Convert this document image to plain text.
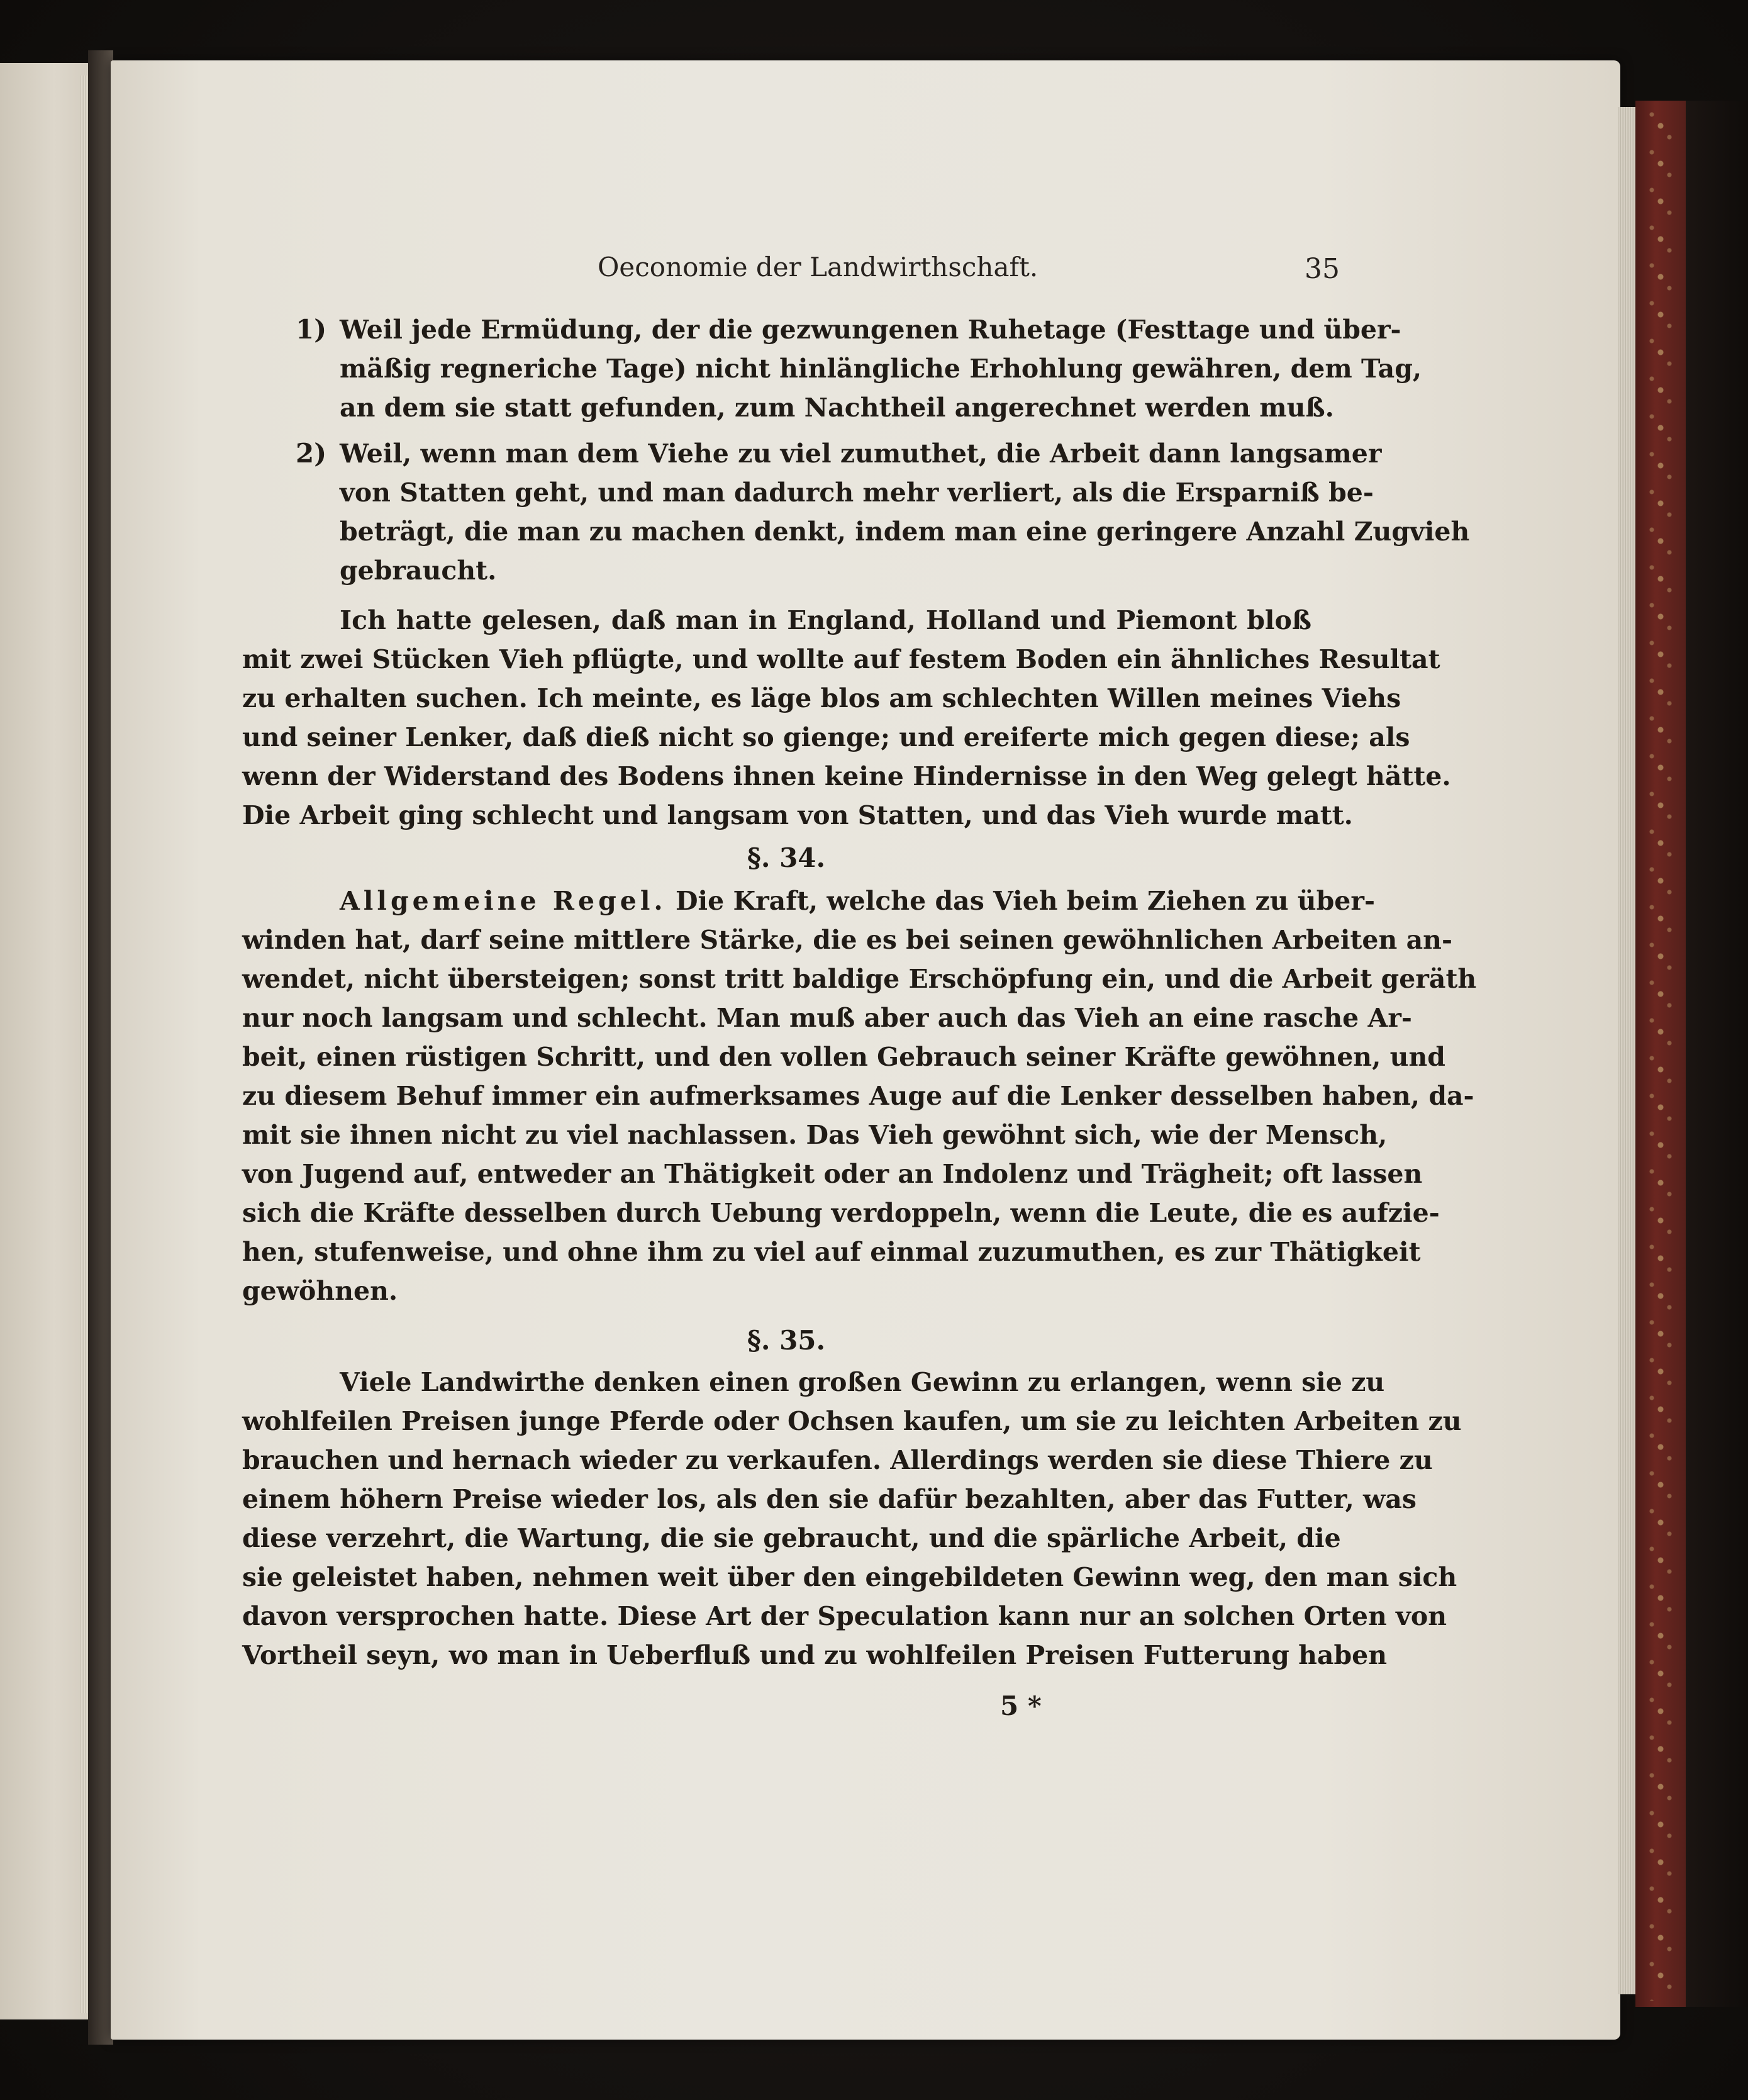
Oeconomie der Landwirthschaft.	35
1) Weil jede Ermüdung, der die gezwungenen Ruhetage (Festtage und über-
mäßig regneriche Tage) nicht hinlängliche Erhohlung gewähren, dem Tag,
an dem sie statt gefunden, zum Nachtheil angerechnet werden muß.
2) Weil, wenn man dem Viehe zu viel zumuthet, die Arbeit dann langsamer
von Statten geht, und man dadurch mehr verliert, als die Ersparniß be-
beträgt, die man zu machen denkt, indem man eine geringere Anzahl Zugvieh
gebraucht.
Ich hatte gelesen, daß man in England, Holland und Piemont bloß
mit zwei Stücken Vieh pflügte, und wollte auf festem Boden ein ähnliches Resultat
zu erhalten suchen. Ich meinte, es läge blos am schlechten Willen meines Viehs
und seiner Lenker, daß dieß nicht so gienge; und ereiferte mich gegen diese; als
wenn der Widerstand des Bodens ihnen keine Hindernisse in den Weg gelegt hätte.
Die Arbeit ging schlecht und langsam von Statten, und das Vieh wurde matt.
§. 34.
Allgemeine Regel. Die Kraft, welche das Vieh beim Ziehen zu über-
winden hat, darf seine mittlere Stärke, die es bei seinen gewöhnlichen Arbeiten an-
wendet, nicht übersteigen; sonst tritt baldige Erschöpfung ein, und die Arbeit geräth
nur noch langsam und schlecht. Man muß aber auch das Vieh an eine rasche Ar-
beit, einen rüstigen Schritt, und den vollen Gebrauch seiner Kräfte gewöhnen, und
zu diesem Behuf immer ein aufmerksames Auge auf die Lenker desselben haben, da-
mit sie ihnen nicht zu viel nachlassen. Das Vieh gewöhnt sich, wie der Mensch,
von Jugend auf, entweder an Thätigkeit oder an Indolenz und Trägheit; oft lassen
sich die Kräfte desselben durch Uebung verdoppeln, wenn die Leute, die es aufzie-
hen, stufenweise, und ohne ihm zu viel auf einmal zuzumuthen, es zur Thätigkeit
gewöhnen.
§. 35.
Viele Landwirthe denken einen großen Gewinn zu erlangen, wenn sie zu
wohlfeilen Preisen junge Pferde oder Ochsen kaufen, um sie zu leichten Arbeiten zu
brauchen und hernach wieder zu verkaufen. Allerdings werden sie diese Thiere zu
einem höhern Preise wieder los, als den sie dafür bezahlten, aber das Futter, was
diese verzehrt, die Wartung, die sie gebraucht, und die spärliche Arbeit, die
sie geleistet haben, nehmen weit über den eingebildeten Gewinn weg, den man sich
davon versprochen hatte. Diese Art der Speculation kann nur an solchen Orten von
Vortheil seyn, wo man in Ueberfluß und zu wohlfeilen Preisen Futterung haben
5 *
